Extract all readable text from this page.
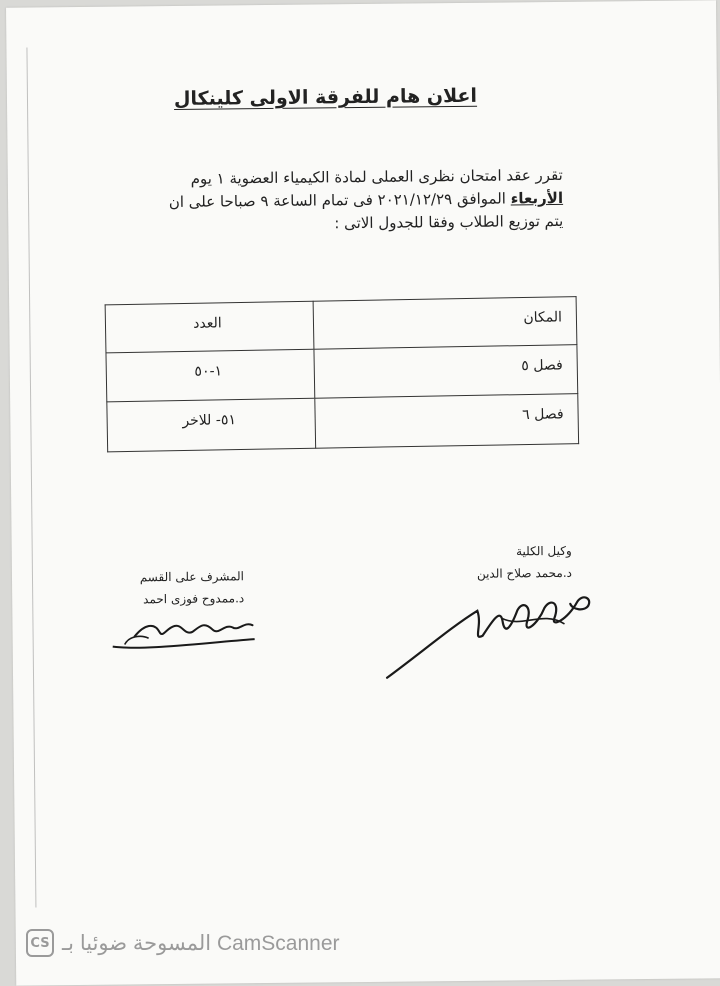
اعلان هام للفرقة الاولى كلينكال
تقرر عقد امتحان نظرى العملى لمادة الكيمياء العضوية ١ يوم
الأربعاء الموافق ٢٠٢١/١٢/٢٩ فى تمام الساعة ٩ صباحا على ان
يتم توزيع الطلاب وفقا للجدول الاتى :
المكان	العدد
فصل ٥	١-٥٠
فصل ٦	٥١- للاخر
وكيل الكلية
د.محمد صلاح الدين
المشرف على القسم
د.ممدوح فوزى احمد
CS المسوحة ضوئيا بـ CamScanner
